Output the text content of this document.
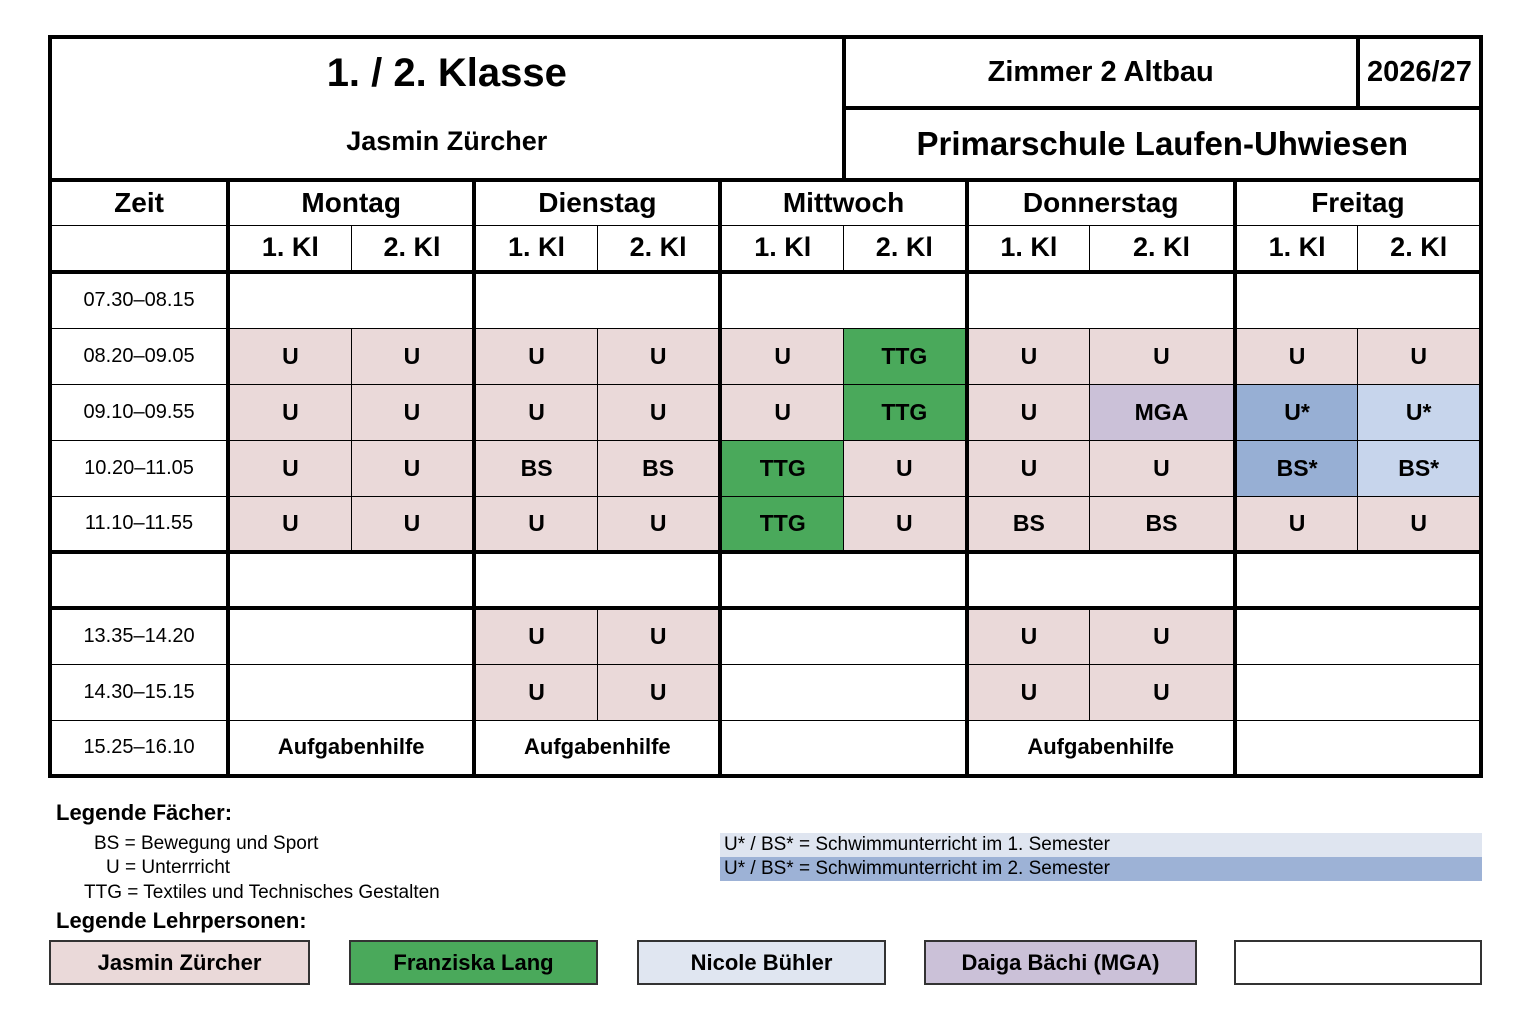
1. / 2. Klasse
Jasmin Zürcher						Zimmer 2 Altbau				2026/27
						Primarschule Laufen-Uhwiesen				
Zeit	Montag		Dienstag		Mittwoch		Donnerstag		Freitag	
	1. Kl	2. Kl	1. Kl	2. Kl	1. Kl	2. Kl	1. Kl	2. Kl	1. Kl	2. Kl
07.30–08.15										
08.20–09.05	U	U	U	U	U	TTG	U	U	U	U
09.10–09.55	U	U	U	U	U	TTG	U	MGA	U*	U*
10.20–11.05	U	U	BS	BS	TTG	U	U	U	BS*	BS*
11.10–11.55	U	U	U	U	TTG	U	BS	BS	U	U

13.35–14.20			U	U			U	U		
14.30–15.15			U	U			U	U		
15.25–16.10	Aufgabenhilfe		Aufgabenhilfe				Aufgabenhilfe			
Legende Fächer:
BS = Bewegung und Sport
U = Unterrricht
TTG = Textiles und Technisches Gestalten
U* / BS* = Schwimmunterricht im 1. Semester
U* / BS* = Schwimmunterricht im 2. Semester
Legende Lehrpersonen:
Jasmin Zürcher	Franziska Lang	Nicole Bühler	Daiga Bächi (MGA)
